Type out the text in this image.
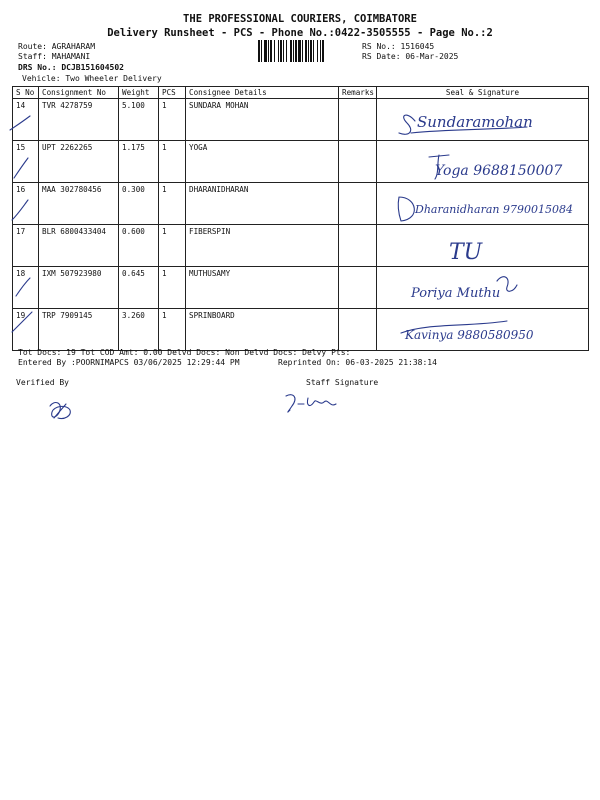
THE PROFESSIONAL COURIERS, COIMBATORE
Delivery Runsheet - PCS - Phone No.:0422-3505555 - Page No.:2
Route: AGRAHARAM
Staff: MAHAMANI
DRS No.: DCJB151604502
Vehicle: Two Wheeler Delivery
RS No.: 1516045
RS Date: 06-Mar-2025
S No	Consignment No	Weight	PCS	Consignee Details	Remarks	Seal & Signature
14	TVR 4278759	5.100	1	SUNDARA MOHAN		Sundaramohan

15	UPT 2262265	1.175	1	YOGA		Yoga 9688150007

16	MAA 302780456	0.300	1	DHARANIDHARAN		Dharanidharan 9790015084

17	BLR 6800433404	0.600	1	FIBERSPIN		TU

18	IXM 507923980	0.645	1	MUTHUSAMY		Poriya Muthu

19	TRP 7909145	3.260	1	SPRINBOARD		Kavinya 9880580950
Tot Docs: 19 Tot COD Amt: 0.00 Delvd Docs: Non Delvd Docs: Delvy Pts:
Entered By :POORNIMAPCS 03/06/2025 12:29:44 PM	Reprinted On: 06-03-2025 21:38:14
Verified By	Staff Signature
